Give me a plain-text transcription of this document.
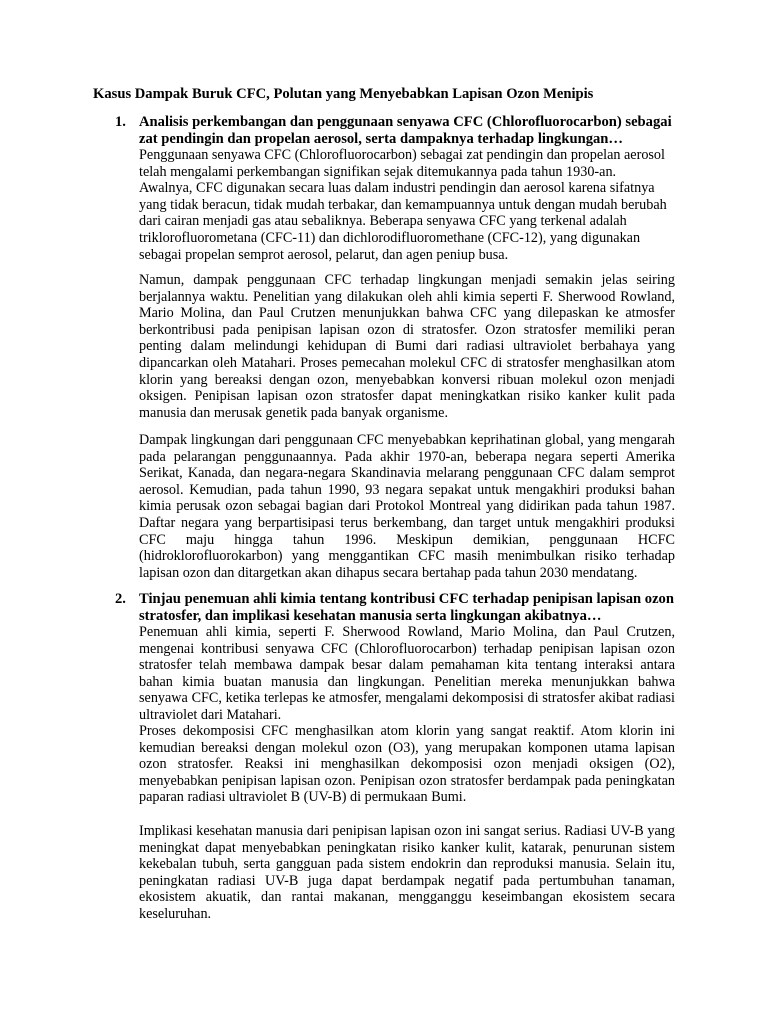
Kasus Dampak Buruk CFC, Polutan yang Menyebabkan Lapisan Ozon Menipis
1. Analisis perkembangan dan penggunaan senyawa CFC (Chlorofluorocarbon) sebagai zat pendingin dan propelan aerosol, serta dampaknya terhadap lingkungan…
Penggunaan senyawa CFC (Chlorofluorocarbon) sebagai zat pendingin dan propelan aerosol telah mengalami perkembangan signifikan sejak ditemukannya pada tahun 1930-an. Awalnya, CFC digunakan secara luas dalam industri pendingin dan aerosol karena sifatnya yang tidak beracun, tidak mudah terbakar, dan kemampuannya untuk dengan mudah berubah dari cairan menjadi gas atau sebaliknya. Beberapa senyawa CFC yang terkenal adalah triklorofluorometana (CFC-11) dan dichlorodifluoromethane (CFC-12), yang digunakan sebagai propelan semprot aerosol, pelarut, dan agen peniup busa.
Namun, dampak penggunaan CFC terhadap lingkungan menjadi semakin jelas seiring berjalannya waktu. Penelitian yang dilakukan oleh ahli kimia seperti F. Sherwood Rowland, Mario Molina, dan Paul Crutzen menunjukkan bahwa CFC yang dilepaskan ke atmosfer berkontribusi pada penipisan lapisan ozon di stratosfer. Ozon stratosfer memiliki peran penting dalam melindungi kehidupan di Bumi dari radiasi ultraviolet berbahaya yang dipancarkan oleh Matahari. Proses pemecahan molekul CFC di stratosfer menghasilkan atom klorin yang bereaksi dengan ozon, menyebabkan konversi ribuan molekul ozon menjadi oksigen. Penipisan lapisan ozon stratosfer dapat meningkatkan risiko kanker kulit pada manusia dan merusak genetik pada banyak organisme.
Dampak lingkungan dari penggunaan CFC menyebabkan keprihatinan global, yang mengarah pada pelarangan penggunaannya. Pada akhir 1970-an, beberapa negara seperti Amerika Serikat, Kanada, dan negara-negara Skandinavia melarang penggunaan CFC dalam semprot aerosol. Kemudian, pada tahun 1990, 93 negara sepakat untuk mengakhiri produksi bahan kimia perusak ozon sebagai bagian dari Protokol Montreal yang didirikan pada tahun 1987. Daftar negara yang berpartisipasi terus berkembang, dan target untuk mengakhiri produksi CFC maju hingga tahun 1996. Meskipun demikian, penggunaan HCFC (hidroklorofluorokarbon) yang menggantikan CFC masih menimbulkan risiko terhadap lapisan ozon dan ditargetkan akan dihapus secara bertahap pada tahun 2030 mendatang.
2. Tinjau penemuan ahli kimia tentang kontribusi CFC terhadap penipisan lapisan ozon stratosfer, dan implikasi kesehatan manusia serta lingkungan akibatnya…
Penemuan ahli kimia, seperti F. Sherwood Rowland, Mario Molina, dan Paul Crutzen, mengenai kontribusi senyawa CFC (Chlorofluorocarbon) terhadap penipisan lapisan ozon stratosfer telah membawa dampak besar dalam pemahaman kita tentang interaksi antara bahan kimia buatan manusia dan lingkungan. Penelitian mereka menunjukkan bahwa senyawa CFC, ketika terlepas ke atmosfer, mengalami dekomposisi di stratosfer akibat radiasi ultraviolet dari Matahari.
Proses dekomposisi CFC menghasilkan atom klorin yang sangat reaktif. Atom klorin ini kemudian bereaksi dengan molekul ozon (O3), yang merupakan komponen utama lapisan ozon stratosfer. Reaksi ini menghasilkan dekomposisi ozon menjadi oksigen (O2), menyebabkan penipisan lapisan ozon. Penipisan ozon stratosfer berdampak pada peningkatan paparan radiasi ultraviolet B (UV-B) di permukaan Bumi.
Implikasi kesehatan manusia dari penipisan lapisan ozon ini sangat serius. Radiasi UV-B yang meningkat dapat menyebabkan peningkatan risiko kanker kulit, katarak, penurunan sistem kekebalan tubuh, serta gangguan pada sistem endokrin dan reproduksi manusia. Selain itu, peningkatan radiasi UV-B juga dapat berdampak negatif pada pertumbuhan tanaman, ekosistem akuatik, dan rantai makanan, mengganggu keseimbangan ekosistem secara keseluruhan.
